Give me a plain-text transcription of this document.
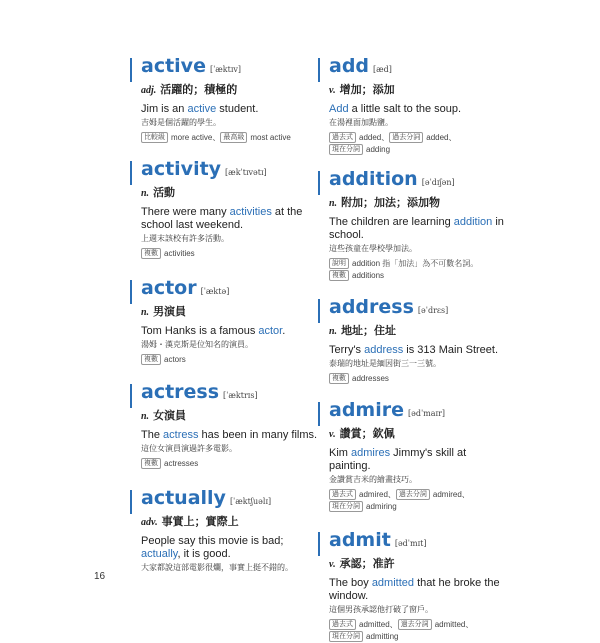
active [ˈæktɪv]
adj. 活躍的；積極的
Jim is an active student.
吉姆是個活躍的學生。
比較級 more active、 最高級 most active
activity [ækˈtɪvətɪ]
n. 活動
There were many activities at the school last weekend.
上週末該校有許多活動。
複數 activities
actor [ˈæktə]
n. 男演員
Tom Hanks is a famous actor.
湯姆・漢克斯是位知名的演員。
複數 actors
actress [ˈæktrɪs]
n. 女演員
The actress has been in many films.
這位女演員演過許多電影。
複數 actresses
actually [ˈæktʃuəlɪ]
adv. 事實上；實際上
People say this movie is bad; actually, it is good.
大家都說這部電影很爛，事實上挺不錯的。
add [æd]
v. 增加；添加
Add a little salt to the soup.
在湯裡面加點鹽。
過去式 added、 過去分詞 added、
現在分詞 adding
addition [əˈdɪʃən]
n. 附加；加法；添加物
The children are learning addition in school.
這些孩童在學校學加法。
說明 addition 指「加法」為不可數名詞。
複數 additions
address [əˈdrɛs]
n. 地址；住址
Terry's address is 313 Main Street.
泰瑞的地址是緬因街三一三號。
複數 addresses
admire [ədˈmaɪr]
v. 讚賞；欽佩
Kim admires Jimmy's skill at painting.
金讚賞吉米的繪畫技巧。
過去式 admired、 過去分詞 admired、
現在分詞 admiring
admit [ədˈmɪt]
v. 承認；准許
The boy admitted that he broke the window.
這個男孩承認他打破了窗戶。
過去式 admitted、 過去分詞 admitted、
現在分詞 admitting
16
